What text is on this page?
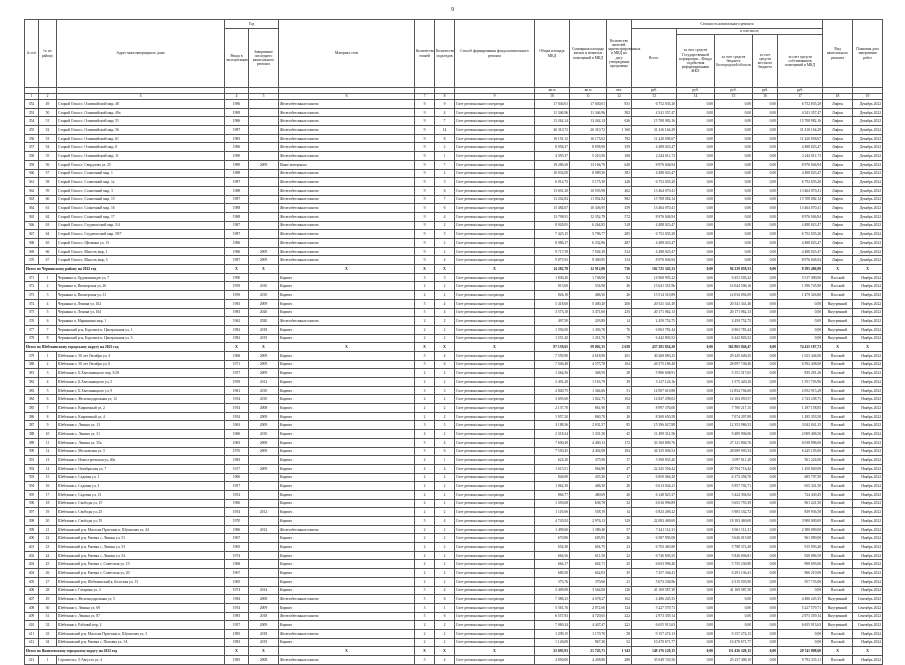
9
№ п/п	№ по району	Адрес многоквартирного дома	Год		Материал стен	Количество этажей	Количество подъездов	Способ формирования фонда капитального ремонта	Общая площадь МКД	Суммарная площадь жилых и нежилых помещений в МКД	Количество жителей, зарегистрированных в МКД на дату утверждения программы	Стоимость капитального ремонта					Вид капитального ремонта	Плановая дата завершения работ
			Ввода в эксплуатацию	Завершение последнего капитального ремонта								Всего:	в том числе					
													за счет средств Государственной корпорации – Фонда содействия реформированию ЖКХ	за счет средств бюджета Белгородской области	за счет средств местного бюджета	за счет средств собственников помещений в МКД		
									кв.м	кв.м	чел.	руб.	руб.	руб.	руб.	руб.		
1	2	3	4	5	6	7	8	9	10	11	12	13	14	15	16	17	18	19
352	49	Старый Оскол г, Олимпийский мкр, 48	1986		Железобетонные панели	9	9	Счет регионального оператора	17 040,01	17 040,01	831	6 752 035,20	0,00	0,00	0,00	6 752 035,20	Лифты	Декабрь 2022
353	50	Старый Оскол г, Олимпийский мкр, 49a	1989		Железобетонные панели	9	4	Счет регионального оператора	11 346,96	11 346,96	582	4 541 357,47	0,00	0,00	0,00	4 541 357,47	Лифты	Декабрь 2022
354	51	Старый Оскол г, Олимпийский мкр, 55	1986		Железобетонные панели	9	7	Счет регионального оператора	13 262,14	13 262,14	636	15 708 982,16	0,00	0,00	0,00	15 708 982,16	Лифты	Декабрь 2022
355	52	Старый Оскол г, Олимпийский мкр, 56	1987		Железобетонные панели	9	14	Счет регионального оператора	26 310,72	26 310,72	1 160	31 416 164,29	0,00	0,00	0,00	31 416 164,29	Лифты	Декабрь 2022
356	53	Старый Оскол г, Олимпийский мкр, 61	1985		Железобетонные панели	9	8	Счет регионального оператора	16 191,12	16 173,02	782	11 220 058,67	0,00	0,00	0,00	11 220 058,67	Лифты	Декабрь 2022
357	54	Старый Оскол г, Олимпийский мкр, 8	1986		Железобетонные панели	9	2	Счет регионального оператора	8 058,27	8 058,90	359	4 488 023,47	0,00	0,00	0,00	4 488 023,47	Лифты	Декабрь 2022
358	55	Старый Оскол г, Олимпийский мкр, 11	1990		Железобетонные панели	9	1	Счет регионального оператора	4 395,37	5 210,50	168	2 244 011,73	0,00	0,00	0,00	2 244 011,73	Лифты	Декабрь 2022
359	56	Старый Оскол г, Свердлова ул, 25	1989	2009	Иные материалы	9	7	Счет регионального оператора	19 286,30	13 166,79	628	8 976 046,94	0,00	0,00	0,00	8 976 046,94	Лифты	Декабрь 2022
360	57	Старый Оскол г, Солнечный мкр, 1	1988		Железобетонные панели	9	2	Счет регионального оператора	10 032,00	8 089,30	381	4 488 023,47	0,00	0,00	0,00	4 488 023,47	Лифты	Декабрь 2022
361	58	Старый Оскол г, Солнечный мкр, 1а	1987		Железобетонные панели	9	3	Счет регионального оператора	6 014,75	5 175,30	226	6 752 035,20	0,00	0,00	0,00	6 752 035,20	Лифты	Декабрь 2022
362	59	Старый Оскол г, Солнечный мкр, 3	1988		Железобетонные панели	9	6	Счет регионального оператора	13 601,20	10 935,98	462	13 464 070,41	0,00	0,00	0,00	13 464 070,41	Лифты	Декабрь 2022
363	60	Старый Оскол г, Солнечный мкр, 15	1987		Железобетонные панели	9	7	Счет регионального оператора	13 202,84	11 852,84	982	15 708 082,14	0,00	0,00	0,00	15 708 082,14	Лифты	Декабрь 2022
364	61	Старый Оскол г, Солнечный мкр, 16	1988		Железобетонные панели	9	6	Счет регионального оператора	13 484,67	10 436,95	459	13 464 070,41	0,00	0,00	0,00	13 464 070,41	Лифты	Декабрь 2022
365	62	Старый Оскол г, Солнечный мкр, 17	1988		Железобетонные панели	9	4	Счет регионального оператора	13 798,91	12 352,78	572	8 976 046,94	0,00	0,00	0,00	8 976 046,94	Лифты	Декабрь 2022
366	63	Старый Оскол г, Студенческий мкр, 3/4	1987		Железобетонные панели	9	2	Счет регионального оператора	8 028,05	6 264,85	318	4 488 023,47	0,00	0,00	0,00	4 488 023,47	Лифты	Декабрь 2022
367	64	Старый Оскол г, Студенческий мкр, 58/7	1987		Железобетонные панели	9	3	Счет регионального оператора	7 425,15	5 796,77	285	6 752 035,20	0,00	0,00	0,00	6 752 035,20	Лифты	Декабрь 2022
368	65	Старый Оскол г, Щепкина ул, 13	1986		Железобетонные панели	9	2	Счет регионального оператора	8 086,17	6 332,86	287	4 488 023,47	0,00	0,00	0,00	4 488 023,47	Лифты	Декабрь 2022
369	66	Старый Оскол г, Юность мкр, 1	1986	2009	Железобетонные панели	9	2	Счет регионального оператора	9 717,59	7 502,39	312	4 488 023,47	0,00	0,00	0,00	4 488 023,47	Лифты	Декабрь 2022
370	67	Старый Оскол г, Юность мкр, 3	1987	2009	Железобетонные панели	9	4	Счет регионального оператора	9 875,93	9 400,95	314	8 976 046,94	0,00	0,00	0,00	8 976 046,94	Лифты	Декабрь 2022
Итого по Чернянскому району на 2022 год			X	X	X	X	X	X	14 282,78	12 912,80	736	102 725 345,33	0,00	94 329 858,53	0,00	8 395 486,80	X	X
371	1	Чернянка п, Орджоникидзе ул, 7	1990		Кирпич	3	3	Счет регионального оператора	1 830,20	1 748,00	82	14 968 995,22	0,00	9 451 505,22	0,00	5 517 490,00	Плоский	Ноябрь 2022
372	2	Чернянка п, Пионерская ул, 26	1959	2010	Кирпич	2	2	Счет регионального оператора	815,60	534,90	46	15 641 351,96	0,00	14 044 506,16	0,00	1 596 745,80	Плоский	Ноябрь 2022
373	3	Чернянка п, Пионерская ул, 31	1959	2010	Кирпич	2	2	Счет регионального оператора	826,10	486,50	26	15 514 310,89	0,00	14 034 092,09	0,00	1 479 326,80	Плоский	Ноябрь 2022
374	4	Чернянка п, Ленина ул, 102	1983	2009	Кирпич	5	4	Счет регионального оператора	5 418,60	5 400,20	200	20 541 341,40	0,00	20 541 341,40	0,00	0,00	Внутренний	Ноябрь 2022
375	5	Чернянка п, Ленина ул, 104	1983	2020	Кирпич	5	4	Счет регионального оператора	3 573,10	3 471,60	235	20 171 062,13	0,00	20 171 062,13	0,00	0,00	Внутренний	Ноябрь 2022
376	6	Чернянка п, Маринкина мкр, 1	1962	2020	Железобетонные панели	2	2	Счет регионального оператора	497,50	203,80	14	2 459 752,75	0,00	2 459 752,75	0,00	0,00	Внутренний	Ноябрь 2022
377	7	Чернянский р-н, Ездочное п, Центральная ул, 1	1982	2018	Кирпич	2	2	Счет регионального оператора	1 592,60	1 456,70	76	6 963 781,44	0,00	6 963 781,44	0,00	0,00	Внутренний	Ноябрь 2022
378	8	Чернянский р-н, Ездочное п, Центральная ул, 3	1982	2019	Кирпич	2	2	Счет регионального оператора	1 551,20	1 451,70	79	6 442 803,52	0,00	6 442 803,52	0,00	0,00	Внутренний	Ноябрь 2022
Итого по Шебекинскому городскому округу на 2022 год			X	X	X	X	X	X	97 159,65	59 002,35	2 638	437 281 854,20	0,00	362 865 846,47	0,00	74 415 187,73	X	X
379	1	Шебекино г, 50 лет Октября ул, 4	1968	2009	Кирпич	5	4	Счет регионального оператора	7 559,90	4 618,90	201	30 268 883,25	0,00	29 245 649,25	0,00	1 023 444,00	Плоский	Ноябрь 2022
380	2	Шебекино г, 50 лет Октября ул, 6	1971	2009	Кирпич	5	6	Счет регионального оператора	7 546,48	4 575,78	164	26 575 186,40	0,00	28 097 748,40	0,00	6 592 438,00	Плоский	Ноябрь 2022
381	3	Шебекино г, Б.Хмельницкого пер, 3/28	1957	2009	Кирпич	2	2	Счет регионального оператора	1 264,56	368,50	28	5 986 608,91	0,00	5 151 317,65	0,00	835 291,26	Плоский	Ноябрь 2022
382	4	Шебекино г, Б.Хмельницкого ул, 5	1959	2012	Кирпич	2	2	Счет регионального оператора	2 491,20	1 163,79	39	3 127 124,16	0,00	1 575 420,20	0,00	1 551 703,96	Плоский	Ноябрь 2022
383	5	Шебекино г, Б.Хмельницкого ул, 9	1961	2010	Кирпич	3	3	Счет регионального оператора	2 840,75	1 364,66	51	14 907 619,88	0,00	12 854 704,60	0,00	2 052 915,28	Плоский	Ноябрь 2022
384	6	Шебекино г, Железнодорожная ул, 12	1954	2010	Кирпич	2	2	Счет регионального оператора	3 695,60	1 822,75	104	14 847 298,02	0,00	12 104 059,57	0,00	2 743 238,75	Плоский	Ноябрь 2022
385	7	Шебекино г, Кирпичный ул, 2	1954	2008	Кирпич	2	2	Счет регионального оператора	2 137,70	861,90	35	8 997 376,00	0,00	7 700 217,15	0,00	1 297 158,85	Плоский	Ноябрь 2022
386	8	Шебекино г, Кирпичный ул, 4	1954	2009	Кирпич	2	2	Счет регионального оператора	1 957,20	860,70	26	8 369 650,58	0,00	7 074 297,08	0,00	1 295 353,50	Плоский	Ноябрь 2022
387	9	Шебекино г, Ленина ул, 13	1963	2009	Кирпич	3	3	Счет регионального оператора	3 188,36	2 031,57	85	15 396 027,88	0,00	12 353 986,53	0,00	3 042 041,35	Плоский	Ноябрь 2022
388	10	Шебекино г, Ленина ул, 31	1960	2010	Кирпич	4	2	Счет регионального оператора	2 318,24	1 331,30	45	11 499 312,56	0,00	9 489 906,06	0,00	2 009 406,50	Плоский	Ноябрь 2022
389	11	Шебекино г, Ленина ул, 35а	1963	2008	Кирпич	5	4	Счет регионального оператора	7 690,49	4 400,13	172	33 160 800,76	0,00	27 121 904,76	0,00	6 038 896,00	Плоский	Ноябрь 2022
390	12	Шебекино г, Московская ул, 5	1976	2009	Кирпич	5	6	Счет регионального оператора	7 550,45	4 402,08	184	34 335 006,54	0,00	28 089 903,54	0,00	6 245 103,00	Плоский	Ноябрь 2022
391	13	Шебекино г, Новостроевская ул, 40а	1983		Кирпич	2	1	Счет регионального оператора	623,20	375,90	17	3 598 835,20	0,00	3 097 611,20	0,00	501 224,00	Плоский	Ноябрь 2022
392	14	Шебекино г, Октябрьская ул, 7	1917	2009	Кирпич	4	4	Счет регионального оператора	1 615,51	964,80	47	22 245 556,42	0,00	20 794 716,42	0,00	1 450 840,00	Плоский	Ноябрь 2022
393	15	Шебекино г, Садовая ул, 1	1960		Кирпич	2	2	Счет регионального оператора	846,90	455,30	17	6 859 066,20	0,00	6 173 358,70	0,00	685 707,50	Плоский	Ноябрь 2022
394	16	Шебекино г, Садовая ул, 3	1957		Кирпич	2	2	Счет регионального оператора	1 062,30	468,30	20	6 613 044,21	0,00	5 957 702,71	0,00	655 341,50	Плоский	Ноябрь 2022
395	17	Шебекино г, Садовая ул, 13	1952		Кирпич	2	2	Счет регионального оператора	866,77	480,69	20	6 148 825,37	0,00	5 424 394,92	0,00	724 430,45	Плоский	Ноябрь 2022
396	18	Шебекино г, Свободы ул, 15	1960		Кирпич	2	2	Счет регионального оператора	1 350,68	638,78	32	6 616 996,89	0,00	5 655 755,39	0,00	961 241,50	Плоский	Ноябрь 2022
397	19	Шебекино г, Свободы ул, 25	1954	2012	Кирпич	2	2	Счет регионального оператора	1 119,06	558,19	14	6 823 269,22	0,00	5 983 332,72	0,00	839 936,50	Плоский	Ноябрь 2022
398	20	Шебекино г, Свободы ул, 35	1970		Кирпич	5	4	Счет регионального оператора	4 745,92	2 976,13	129	22 083 469,69	0,00	18 183 469,69	0,00	3 900 000,00	Плоский	Ноябрь 2022
399	21	Шебекинский р-н, Маслова Пристань п, Шумилова ул, 44	1986	2012	Железобетонные панели	2	2	Счет регионального оператора	1 409,60	1 389,40	57	7 441 112,31	0,00	5 061 112,31	0,00	2 380 000,00	Плоский	Ноябрь 2022
400	22	Шебекинский р-н, Ржевка с, Ленина ул, 51	1967		Кирпич	2	2	Счет регионального оператора	670,80	605,95	26	6 587 995,08	0,00	5 626 015,08	0,00	961 980,00	Плоский	Ноябрь 2022
401	23	Шебекинский р-н, Ржевка с, Ленина ул, 53	1965		Кирпич	2	2	Счет регионального оператора	654,30	604,75	23	6 703 465,80	0,00	5 788 372,40	0,00	915 093,40	Плоский	Ноябрь 2022
402	24	Шебекинский р-н, Ржевка с, Ленина ул, 54	1974		Кирпич	2	2	Счет регионального оператора	664,56	611,50	22	6 746 693,55	0,00	5 826 696,81	0,00	920 006,59	Плоский	Ноябрь 2022
403	25	Шебекинский р-н, Ржевка с, Советская ул, 19	1968		Кирпич	2	2	Счет регионального оператора	664,17	602,71	25	6 653 996,40	0,00	5 755 230,80	0,00	898 693,60	Плоский	Ноябрь 2022
404	26	Шебекинский р-н, Ржевка с, Советская ул, 20	1967		Кирпич	2	2	Счет регионального оператора	680,50	642,03	35	7 257 346,41	0,00	6 291 136,41	0,00	966 210,00	Плоский	Ноябрь 2022
405	27	Шебекинский р-н, Шебекинский к, Белгская ул, 13	1965		Кирпич	2	2	Счет регионального оператора	375,76	370,60	21	5 073 236,96	0,00	4 515 503,90	0,00	557 733,06	Плоский	Ноябрь 2022
406	28	Шебекино г, Гагарина ул, 3	1974	2014	Кирпич	5	4	Счет регионального оператора	2 409,08	3 564,00	126	41 169 587,30	0,00	41 169 587,30	0,00	0,00	Плоский	Ноябрь 2022
407	29	Шебекино г, Железнодорожная ул, 5	1984	2008	Железобетонные панели	5	6	Счет регионального оператора	7 386,25	4 678,27	162	4 486 245,35	0,00	0,00	0,00	4 486 245,35	Внутренний	Сентябрь 2022
408	30	Шебекино г, Ленина ул, 69	1954	2009	Кирпич	3	1	Счет регионального оператора	5 561,76	2 072,60	124	5 227 579,71	0,00	0,00	0,00	5 227 579,71	Внутренний	Сентябрь 2022
409	31	Шебекино г, Ленина ул, 87	1985	2018	Железобетонные панели	5	6	Счет регионального оператора	6 557,83	4 720,65	222	2 973 359,14	0,00	0,00	0,00	2 973 359,14	Внутренний	Сентябрь 2022
410	32	Шебекино г, Рабочий пер, 2	1957	2009	Кирпич	2	2	Счет регионального оператора	7 069,34	4 447,47	221	6 655 913,63	0,00	0,00	0,00	6 655 913,63	Внутренний	Сентябрь 2022
411	33	Шебекинский р-н, Маслова Пристань п, Шумилова ул, 3	1985	2018	Железобетонные панели	2	2	Счет регионального оператора	1 299,15	1 170,70	58	9 157 274,13	0,00	9 157 274,13	0,00	0,00	Плоский	Ноябрь 2022
412	34	Шебекинский р-н, Ржевка с, Поповка ул, 1А	1983	2019	Кирпич	2	2	Счет регионального оператора	1 126,00	967,30	52	10 470 671,77	0,00	10 470 671,77	0,00	0,00	Плоский	Ноябрь 2022
Итого по Яковлевскому городскому округу на 2022 год			X	X	X	X	X	X	25 695,93	21 745,71	1 343	149 176 129,15	0,00	111 436 328,15	0,00	20 741 808,60	X	X
413	1	Строитель г, 5 Августа ул, 4	1985	2008	Железобетонные панели	5	4	Счет регионального оператора	4 850,00	4 458,80	280	35 049 743,56	0,00	25 257 408,10	0,00	9 792 335,11	Плоский	Ноябрь 2022
